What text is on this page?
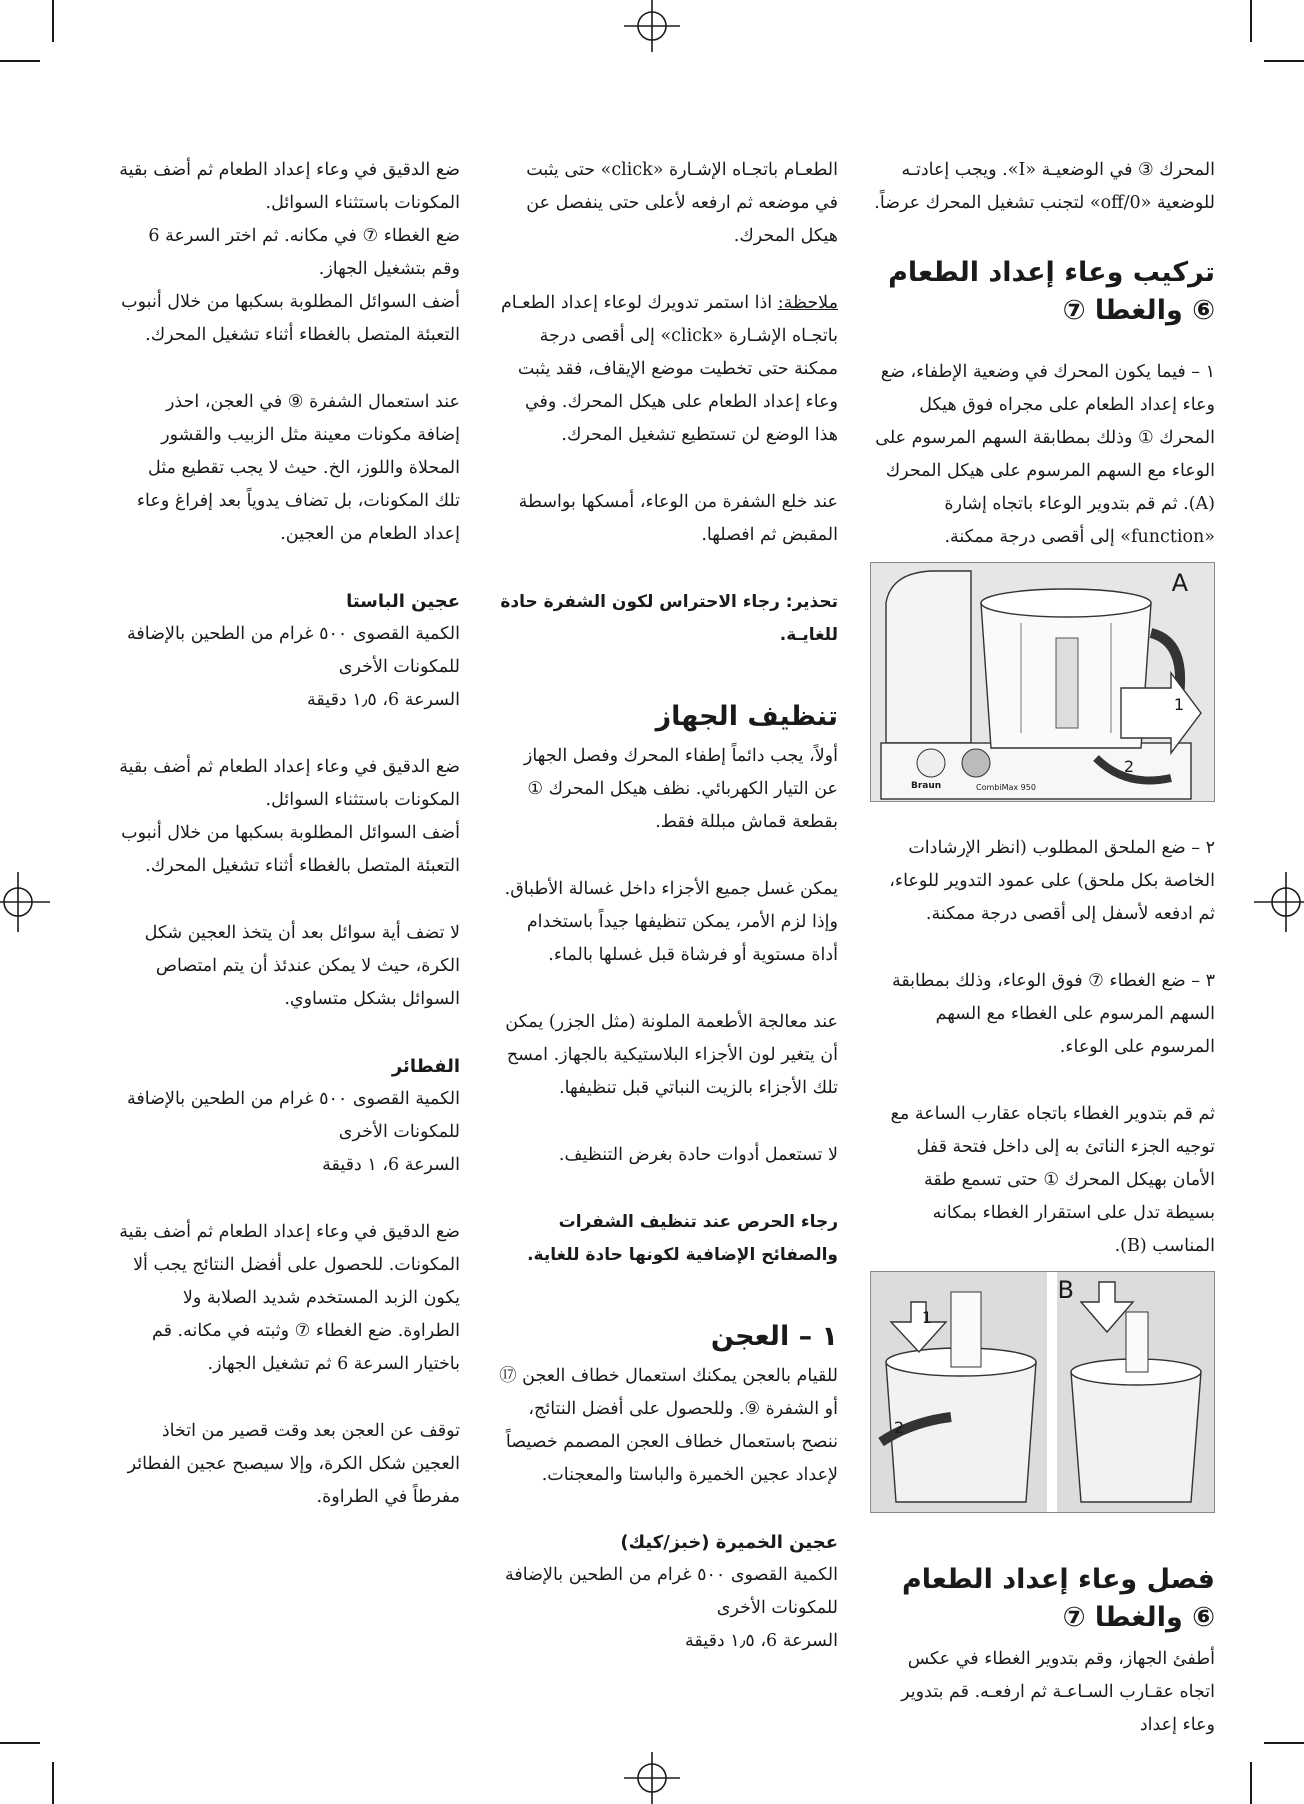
المحرك ③ في الوضعيـة «I». ويجب إعادتـه للوضعية «off/0» لتجنب تشغيل المحرك عرضاً.

تركيب وعاء إعداد الطعام ⑥ والغطا ⑦

١ – فيما يكون المحرك في وضعية الإطفاء، ضع وعاء إعداد الطعام على مجراه فوق هيكل المحرك ① وذلك بمطابقة السهم المرسوم على الوعاء مع السهم المرسوم على هيكل المحرك (A). ثم قم بتدوير الوعاء باتجاه إشارة «function» إلى أقصى درجة ممكنة.

A
1
2
Braun	CombiMax 950

٢ – ضع الملحق المطلوب (انظر الإرشادات الخاصة بكل ملحق) على عمود التدوير للوعاء، ثم ادفعه لأسفل إلى أقصى درجة ممكنة.

٣ – ضع الغطاء ⑦ فوق الوعاء، وذلك بمطابقة السهم المرسوم على الغطاء مع السهم المرسوم على الوعاء.

ثم قم بتدوير الغطاء باتجاه عقارب الساعة مع توجيه الجزء الناتئ به إلى داخل فتحة قفل الأمان بهيكل المحرك ① حتى تسمع طقة بسيطة تدل على استقرار الغطاء بمكانه المناسب (B).

B
1
2
فصل وعاء إعداد الطعام ⑥ والغطا ⑦

أطفئ الجهاز، وقم بتدوير الغطاء في عكس اتجاه عقـارب السـاعـة ثم ارفعـه. قم بتدوير وعاء إعداد

الطعـام باتجـاه الإشـارة «click» حتى يثبت في موضعه ثم ارفعه لأعلى حتى ينفصل عن هيكل المحرك.

ملاحظة: اذا استمر تدويرك لوعاء إعداد الطعـام باتجـاه الإشـارة «click» إلى أقصى درجة ممكنة حتى تخطيت موضع الإيقاف، فقد يثبت وعاء إعداد الطعام على هيكل المحرك. وفي هذا الوضع لن تستطيع تشغيل المحرك.

عند خلع الشفرة من الوعاء، أمسكها بواسطة المقبض ثم افصلها.

تحذير: رجاء الاحتراس لكون الشفرة حادة للغايـة.

تنظيف الجهاز

أولاً، يجب دائماً إطفاء المحرك وفصل الجهاز عن التيار الكهربائي. نظف هيكل المحرك ① بقطعة قماش مبللة فقط.

يمكن غسل جميع الأجزاء داخل غسالة الأطباق. وإذا لزم الأمر، يمكن تنظيفها جيداً باستخدام أداة مستوية أو فرشاة قبل غسلها بالماء.

عند معالجة الأطعمة الملونة (مثل الجزر) يمكن أن يتغير لون الأجزاء البلاستيكية بالجهاز. امسح تلك الأجزاء بالزيت النباتي قبل تنظيفها.

لا تستعمل أدوات حادة بغرض التنظيف.

رجاء الحرص عند تنظيف الشفرات والصفائح الإضافية لكونها حادة للغاية.

١ – العجن

للقيام بالعجن يمكنك استعمال خطاف العجن ⑰ أو الشفرة ⑨. وللحصول على أفضل النتائج، ننصح باستعمال خطاف العجن المصمم خصيصاً لإعداد عجين الخميرة والباستا والمعجنات.

عجين الخميرة (خبز/كيك)

الكمية القصوى ٥٠٠ غرام من الطحين بالإضافة للمكونات الأخرى

السرعة 6، ١٫٥ دقيقة

ضع الدقيق في وعاء إعداد الطعام ثم أضف بقية المكونات باستثناء السوائل.

ضع الغطاء ⑦ في مكانه. ثم اختر السرعة 6 وقم بتشغيل الجهاز.

أضف السوائل المطلوبة بسكبها من خلال أنبوب التعبئة المتصل بالغطاء أثناء تشغيل المحرك.

عند استعمال الشفرة ⑨ في العجن، احذر إضافة مكونات معينة مثل الزبيب والقشور المحلاة واللوز، الخ. حيث لا يجب تقطيع مثل تلك المكونات، بل تضاف يدوياً بعد إفراغ وعاء إعداد الطعام من العجين.

عجين الباستا

الكمية القصوى ٥٠٠ غرام من الطحين بالإضافة للمكونات الأخرى

السرعة 6، ١٫٥ دقيقة

ضع الدقيق في وعاء إعداد الطعام ثم أضف بقية المكونات باستثناء السوائل.

أضف السوائل المطلوبة بسكبها من خلال أنبوب التعبئة المتصل بالغطاء أثناء تشغيل المحرك.

لا تضف أية سوائل بعد أن يتخذ العجين شكل الكرة، حيث لا يمكن عندئذ أن يتم امتصاص السوائل بشكل متساوي.

الفطائر

الكمية القصوى ٥٠٠ غرام من الطحين بالإضافة للمكونات الأخرى

السرعة 6، ١ دقيقة

ضع الدقيق في وعاء إعداد الطعام ثم أضف بقية المكونات. للحصول على أفضل النتائج يجب ألا يكون الزبد المستخدم شديد الصلابة ولا الطراوة. ضع الغطاء ⑦ وثبته في مكانه. قم باختيار السرعة 6 ثم تشغيل الجهاز.

توقف عن العجن بعد وقت قصير من اتخاذ العجين شكل الكرة، وإلا سيصبح عجين الفطائر مفرطاً في الطراوة.
